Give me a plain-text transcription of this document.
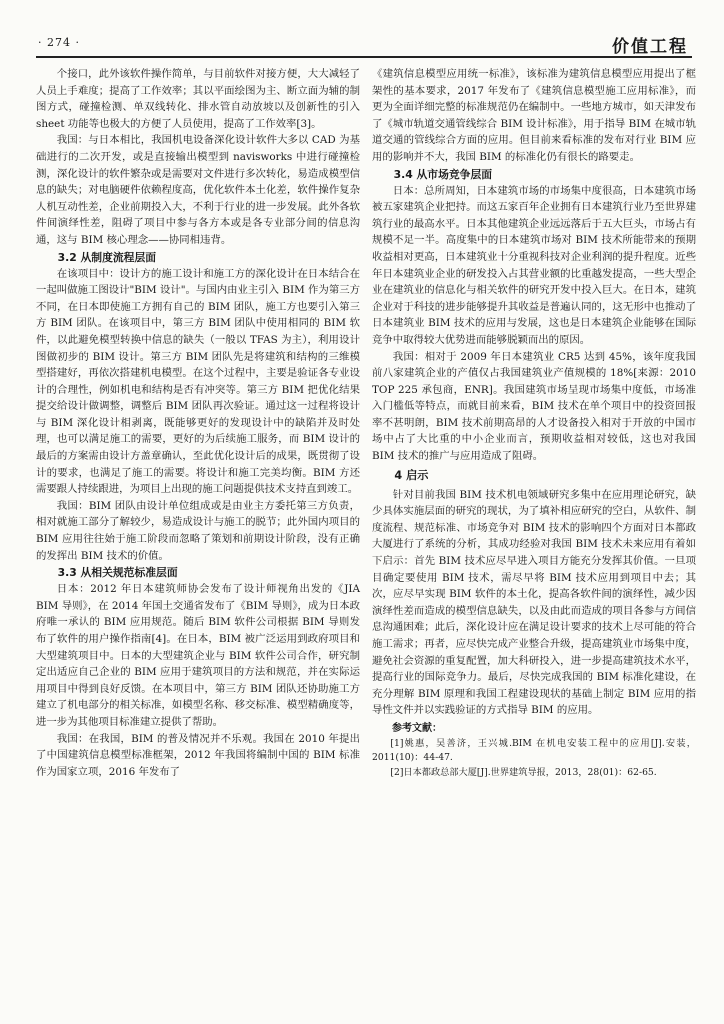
· 274 ·	价值工程

个接口，此外该软件操作简单，与目前软件对接方便，大大减轻了人员上手难度；提高了工作效率；其以平面绘图为主、断立面为辅的制图方式，碰撞检测、单双线转化、排水管自动放坡以及创新性的引入 sheet 功能等也极大的方便了人员使用，提高了工作效率[3]。

我国：与日本相比，我国机电设备深化设计软件大多以 CAD 为基础进行的二次开发，或是直接输出模型到 navisworks 中进行碰撞检测，深化设计的软件繁杂或是需要对文件进行多次转化，易造成模型信息的缺失；对电脑硬件依赖程度高，优化软件本土化差，软件操作复杂人机互动性差，企业前期投入大，不利于行业的进一步发展。此外各软件间演绎性差，阻碍了项目中参与各方本或是各专业部分间的信息沟通，这与 BIM 核心理念——协同相违背。

3.2 从制度流程层面

在该项目中：设计方的施工设计和施工方的深化设计在日本结合在一起叫做施工图设计"BIM 设计"。与国内由业主引入 BIM 作为第三方不同，在日本即使施工方拥有自己的 BIM 团队，施工方也要引入第三方 BIM 团队。在该项目中，第三方 BIM 团队中使用相同的 BIM 软件，以此避免模型转换中信息的缺失（一般以 TFAS 为主），利用设计图做初步的 BIM 设计。第三方 BIM 团队先是将建筑和结构的三维模型搭建好，再依次搭建机电模型。在这个过程中，主要是验证各专业设计的合理性，例如机电和结构是否有冲突等。第三方 BIM 把优化结果提交给设计做调整，调整后 BIM 团队再次验证。通过这一过程将设计与 BIM 深化设计相剥离，既能够更好的发现设计中的缺陷并及时处理，也可以满足施工的需要，更好的为后续施工服务，而 BIM 设计的最后的方案需由设计方盖章确认，至此优化设计后的成果，既贯彻了设计的要求，也满足了施工的需要。将设计和施工完美均衡。BIM 方还需要跟人持续跟进，为项目上出现的施工问题提供技术支持直到竣工。

我国：BIM 团队由设计单位组成或是由业主方委托第三方负责，相对就施工部分了解较少，易造成设计与施工的脱节；此外国内项目的 BIM 应用往往始于施工阶段而忽略了策划和前期设计阶段，没有正确的发挥出 BIM 技术的价值。

3.3 从相关规范标准层面

日本：2012 年日本建筑师协会发布了设计师视角出发的《JIA BIM 导则》，在 2014 年国土交通省发布了《BIM 导则》，成为日本政府唯一承认的 BIM 应用规范。随后 BIM 软件公司根据 BIM 导则发布了软件的用户操作指南[4]。在日本，BIM 被广泛运用到政府项目和大型建筑项目中。日本的大型建筑企业与 BIM 软件公司合作，研究制定出适应自己企业的 BIM 应用于建筑项目的方法和规范，并在实际运用项目中得到良好反馈。在本项目中，第三方 BIM 团队还协助施工方建立了机电部分的相关标准，如模型名称、移交标准、模型精确度等，进一步为其他项目标准建立提供了帮助。

我国：在我国，BIM 的普及情况并不乐观。我国在 2010 年提出了中国建筑信息模型标准框架，2012 年我国将编制中国的 BIM 标准作为国家立项，2016 年发布了

《建筑信息模型应用统一标准》，该标准为建筑信息模型应用提出了框架性的基本要求，2017 年发布了《建筑信息模型施工应用标准》，而更为全面详细完整的标准规范仍在编制中。一些地方城市，如天津发布了《城市轨道交通管线综合 BIM 设计标准》，用于指导 BIM 在城市轨道交通的管线综合方面的应用。但目前来看标准的发布对行业 BIM 应用的影响并不大，我国 BIM 的标准化仍有很长的路要走。

3.4 从市场竞争层面

日本：总所周知，日本建筑市场的市场集中度很高，日本建筑市场被五家建筑企业把持。而这五家百年企业拥有日本建筑行业乃至世界建筑行业的最高水平。日本其他建筑企业远远落后于五大巨头，市场占有规模不足一半。高度集中的日本建筑市场对 BIM 技术所能带来的预期收益相对更高，日本建筑业十分重视科技对企业利润的提升程度。近些年日本建筑业企业的研发投入占其营业额的比重越发提高，一些大型企业在建筑业的信息化与相关软件的研究开发中投入巨大。在日本，建筑企业对于科技的进步能够提升其收益是普遍认同的，这无形中也推动了日本建筑业 BIM 技术的应用与发展，这也是日本建筑企业能够在国际竞争中取得较大优势进而能够脱颖而出的原因。

我国：相对于 2009 年日本建筑业 CR5 达到 45%，该年度我国前八家建筑企业的产值仅占我国建筑业产值规模的 18%[来源：2010 TOP 225 承包商，ENR]。我国建筑市场呈现市场集中度低，市场准入门槛低等特点，而就目前来看，BIM 技术在单个项目中的投资回报率不甚明朗，BIM 技术前期高昂的人才设备投入相对于开放的中国市场中占了大比重的中小企业而言，预期收益相对较低，这也对我国 BIM 技术的推广与应用造成了阻碍。

4 启示

针对目前我国 BIM 技术机电领域研究多集中在应用理论研究，缺少具体实施层面的研究的现状，为了填补相应研究的空白，从软件、制度流程、规范标准、市场竞争对 BIM 技术的影响四个方面对日本都政大厦进行了系统的分析，其成功经验对我国 BIM 技术未来应用有着如下启示：首先 BIM 技术应尽早进入项目方能充分发挥其价值。一旦项目确定要使用 BIM 技术，需尽早将 BIM 技术应用到项目中去；其次，应尽早实现 BIM 软件的本土化，提高各软件间的演绎性，减少因演绎性差而造成的模型信息缺失，以及由此而造成的项目各参与方间信息沟通困难；此后，深化设计应在满足设计要求的技术上尽可能的符合施工需求；再者，应尽快完成产业整合升级，提高建筑业市场集中度，避免社会资源的重复配置，加大科研投入，进一步提高建筑技术水平，提高行业的国际竞争力。最后，尽快完成我国的 BIM 标准化建设，在充分理解 BIM 原理和我国工程建设现状的基础上制定 BIM 应用的指导性文件并以实践验证的方式指导 BIM 的应用。

参考文献：

[1]姚惠，吴善济，王兴城.BIM 在机电安装工程中的应用[J].安装，2011(10)：44-47.

[2]日本都政总部大厦[J].世界建筑导报，2013，28(01)：62-65.
